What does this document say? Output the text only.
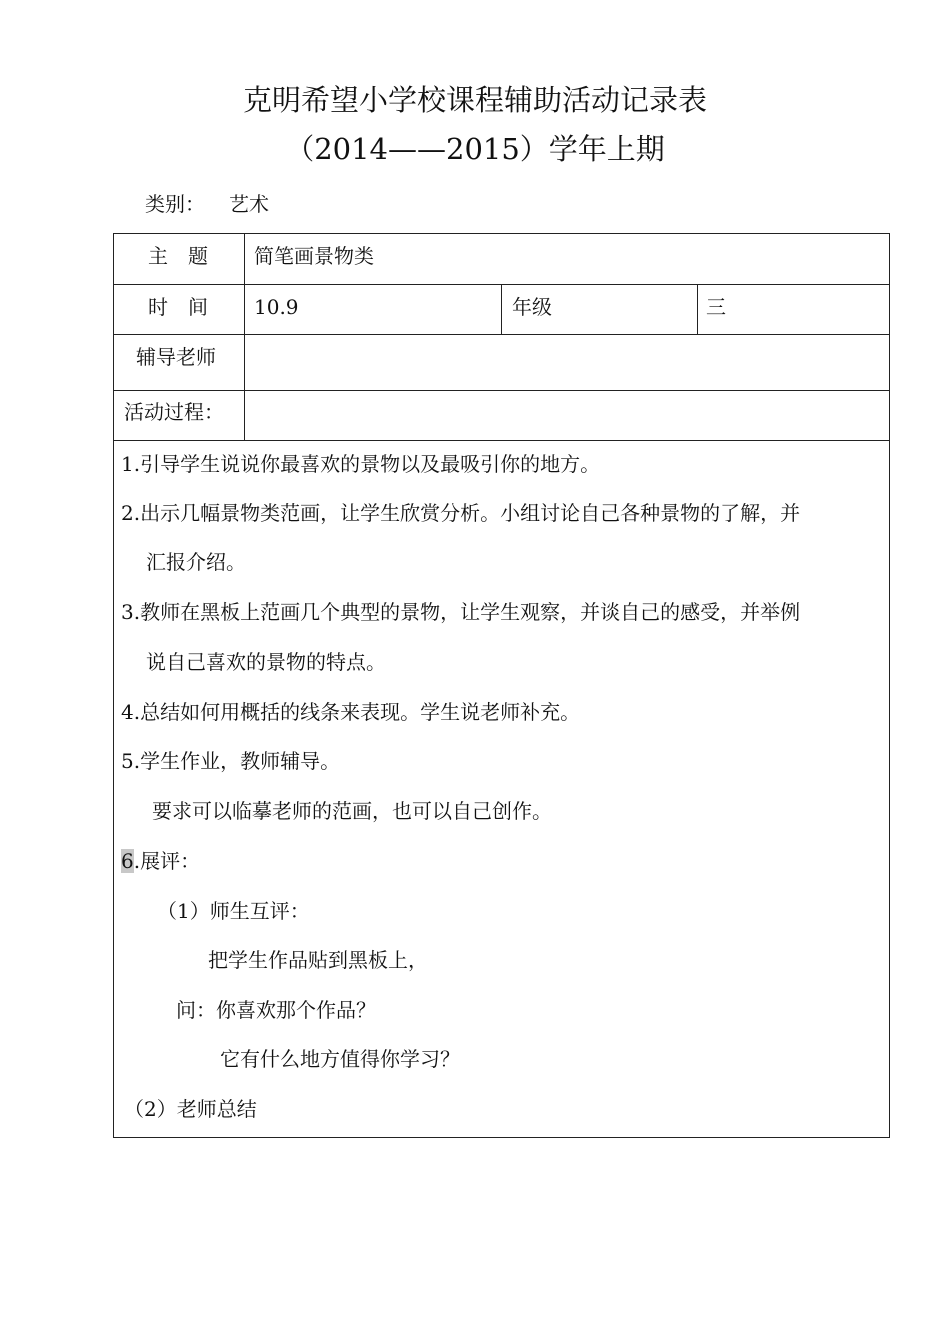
克明希望小学校课程辅助活动记录表
（2014——2015）学年上期
类别： 艺术
主　题 简笔画景物类
时　间 10.9	年级	三
辅导老师
活动过程：
1.引导学生说说你最喜欢的景物以及最吸引你的地方。
2.出示几幅景物类范画，让学生欣赏分析。小组讨论自己各种景物的了解，并
汇报介绍。
3.教师在黑板上范画几个典型的景物，让学生观察，并谈自己的感受，并举例
说自己喜欢的景物的特点。
4.总结如何用概括的线条来表现。学生说老师补充。
5.学生作业，教师辅导。
要求可以临摹老师的范画，也可以自己创作。
6.展评：
（1）师生互评：
把学生作品贴到黑板上，
问：你喜欢那个作品？
它有什么地方值得你学习？
（2）老师总结
